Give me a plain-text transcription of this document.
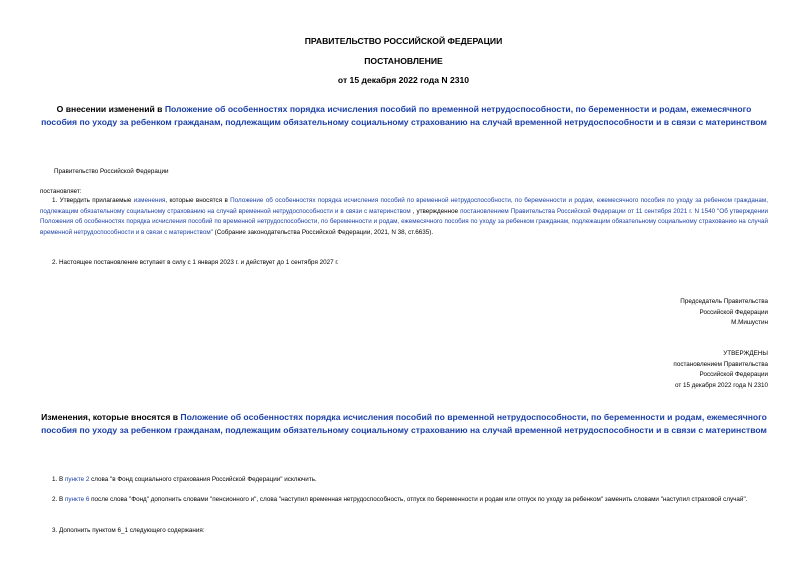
ПРАВИТЕЛЬСТВО РОССИЙСКОЙ ФЕДЕРАЦИИ
ПОСТАНОВЛЕНИЕ
от 15 декабря 2022 года N 2310
О внесении изменений в Положение об особенностях порядка исчисления пособий по временной нетрудоспособности, по беременности и родам, ежемесячного пособия по уходу за ребенком гражданам, подлежащим обязательному социальному страхованию на случай временной нетрудоспособности и в связи с материнством
Правительство Российской Федерации
постановляет:
1. Утвердить прилагаемые изменения, которые вносятся в Положение об особенностях порядка исчисления пособий по временной нетрудоспособности, по беременности и родам, ежемесячного пособия по уходу за ребенком гражданам, подлежащим обязательному социальному страхованию на случай временной нетрудоспособности и в связи с материнством , утвержденное постановлением Правительства Российской Федерации от 11 сентября 2021 г. N 1540 "Об утверждении Положения об особенностях порядка исчисления пособий по временной нетрудоспособности, по беременности и родам, ежемесячного пособия по уходу за ребенком гражданам, подлежащим обязательному социальному страхованию на случай временной нетрудоспособности и в связи с материнством" (Собрание законодательства Российской Федерации, 2021, N 38, ст.6635).
2. Настоящее постановление вступает в силу с 1 января 2023 г. и действует до 1 сентября 2027 г.
Председатель Правительства
Российской Федерации
М.Мишустин
УТВЕРЖДЕНЫ
постановлением Правительства
Российской Федерации
от 15 декабря 2022 года N 2310
Изменения, которые вносятся в Положение об особенностях порядка исчисления пособий по временной нетрудоспособности, по беременности и родам, ежемесячного пособия по уходу за ребенком гражданам, подлежащим обязательному социальному страхованию на случай временной нетрудоспособности и в связи с материнством
1. В пункте 2 слова "в Фонд социального страхования Российской Федерации" исключить.
2. В пункте 6 после слова "Фонд" дополнить словами "пенсионного и", слова "наступил временная нетрудоспособность, отпуск по беременности и родам или отпуск по уходу за ребенком" заменить словами "наступил страховой случай".
3. Дополнить пунктом 6_1 следующего содержания:
